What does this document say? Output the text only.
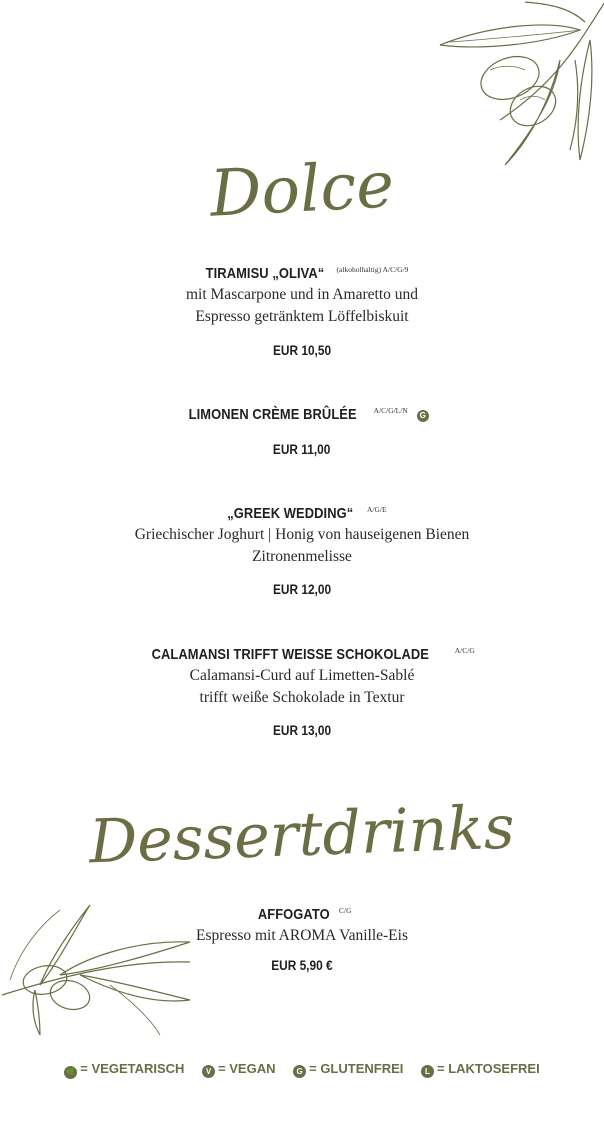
Dolce
TIRAMISU „OLIVA“ $^{(alkoholhaltig) A/C/G/9}$
mit Mascarpone und in Amaretto und
Espresso getränktem Löffelbiskuit
EUR 10,50
LIMONEN CRÈME BRÛLÉE $^{A/C/G/L/N}$ G
EUR 11,00
„GREEK WEDDING“ $^{A/G/E}$
Griechischer Joghurt | Honig von hauseigenen Bienen
Zitronenmelisse
EUR 12,00
CALAMANSI TRIFFT WEISSE SCHOKOLADE	$^{A/C/G}$
Calamansi-Curd auf Limetten-Sablé
trifft weiße Schokolade in Textur
EUR 13,00
Dessertdrinks
AFFOGATO $^{C/G}$
Espresso mit AROMA Vanille-Eis
EUR 5,90 €
🌿 = VEGETARISCH	V = VEGAN	G = GLUTENFREI	L = LAKTOSEFREI
